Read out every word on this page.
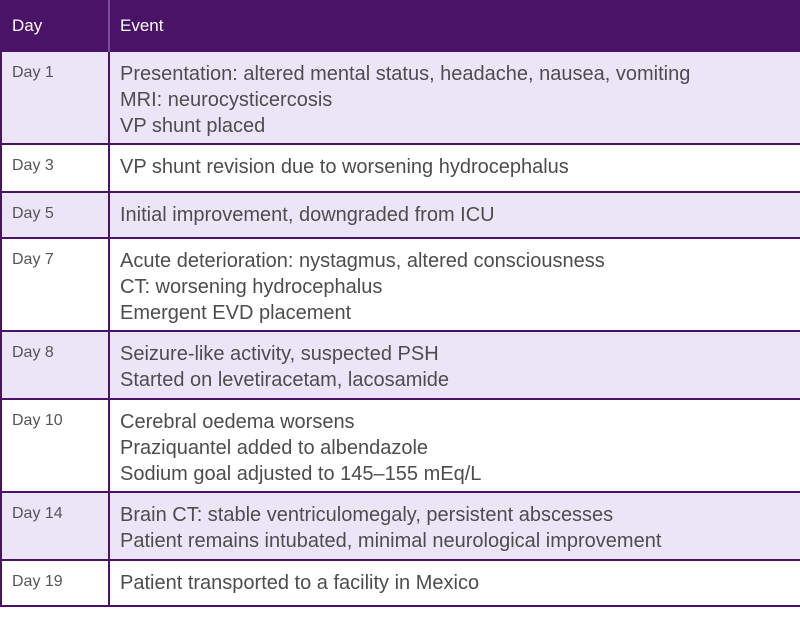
Day	Event
Day 1	Presentation: altered mental status, headache, nausea, vomiting
MRI: neurocysticercosis
VP shunt placed

Day 3	VP shunt revision due to worsening hydrocephalus

Day 5	Initial improvement, downgraded from ICU

Day 7	Acute deterioration: nystagmus, altered consciousness
CT: worsening hydrocephalus
Emergent EVD placement

Day 8	Seizure-like activity, suspected PSH
Started on levetiracetam, lacosamide

Day 10	Cerebral oedema worsens
Praziquantel added to albendazole
Sodium goal adjusted to 145–155 mEq/L

Day 14	Brain CT: stable ventriculomegaly, persistent abscesses
Patient remains intubated, minimal neurological improvement

Day 19	Patient transported to a facility in Mexico
